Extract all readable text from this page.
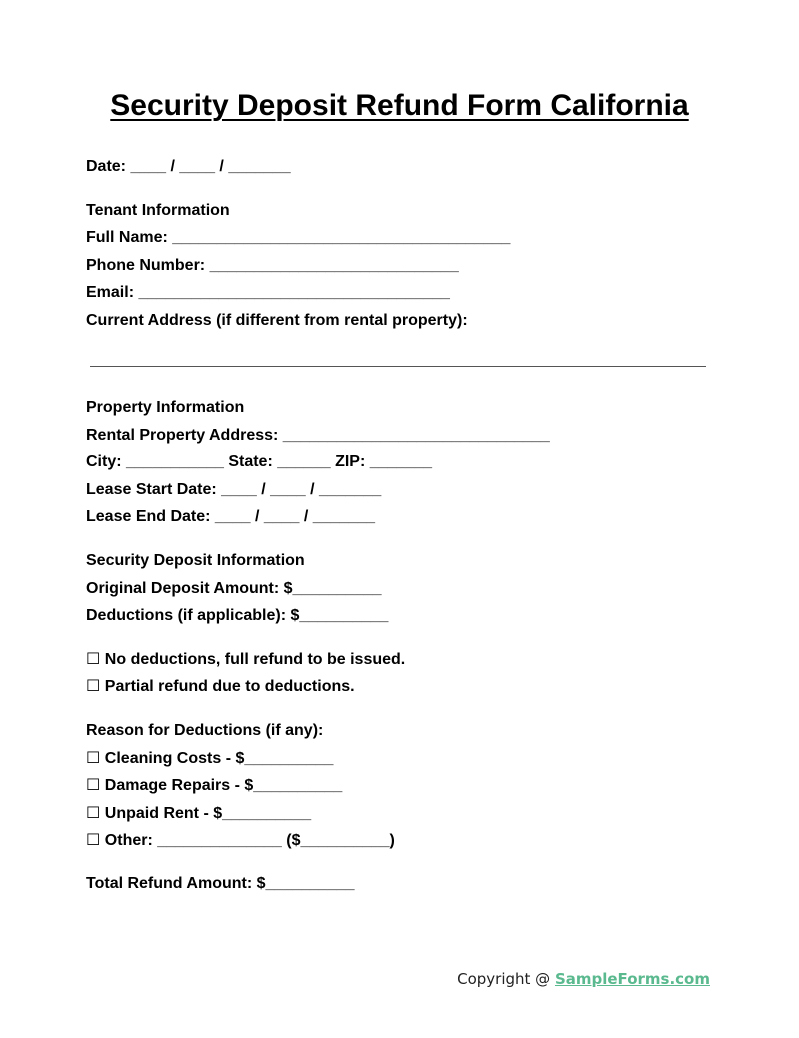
Security Deposit Refund Form California
Date: ____ / ____ / _______
Tenant Information
Full Name: ______________________________________
Phone Number: ____________________________
Email: ___________________________________
Current Address (if different from rental property):
Property Information
Rental Property Address: ______________________________
City: ___________ State: ______ ZIP: _______
Lease Start Date: ____ / ____ / _______
Lease End Date: ____ / ____ / _______
Security Deposit Information
Original Deposit Amount: $__________
Deductions (if applicable): $__________
☐ No deductions, full refund to be issued.
☐ Partial refund due to deductions.
Reason for Deductions (if any):
☐ Cleaning Costs - $__________
☐ Damage Repairs - $__________
☐ Unpaid Rent - $__________
☐ Other: ______________ ($__________)
Total Refund Amount: $__________
Copyright @ SampleForms.com
